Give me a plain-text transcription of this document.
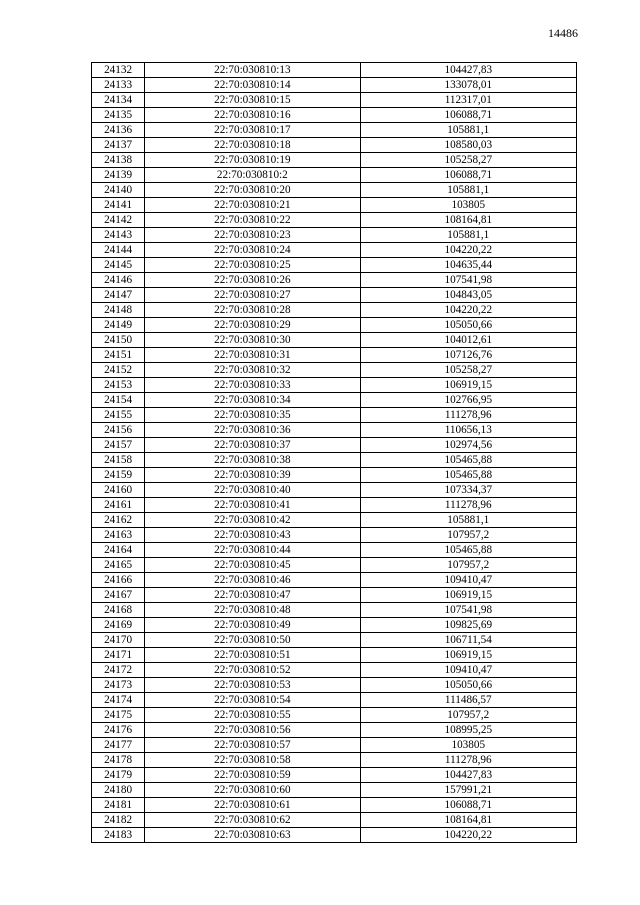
14486
24132	22:70:030810:13	104427,83
24133	22:70:030810:14	133078,01
24134	22:70:030810:15	112317,01
24135	22:70:030810:16	106088,71
24136	22:70:030810:17	105881,1
24137	22:70:030810:18	108580,03
24138	22:70:030810:19	105258,27
24139	22:70:030810:2	106088,71
24140	22:70:030810:20	105881,1
24141	22:70:030810:21	103805
24142	22:70:030810:22	108164,81
24143	22:70:030810:23	105881,1
24144	22:70:030810:24	104220,22
24145	22:70:030810:25	104635,44
24146	22:70:030810:26	107541,98
24147	22:70:030810:27	104843,05
24148	22:70:030810:28	104220,22
24149	22:70:030810:29	105050,66
24150	22:70:030810:30	104012,61
24151	22:70:030810:31	107126,76
24152	22:70:030810:32	105258,27
24153	22:70:030810:33	106919,15
24154	22:70:030810:34	102766,95
24155	22:70:030810:35	111278,96
24156	22:70:030810:36	110656,13
24157	22:70:030810:37	102974,56
24158	22:70:030810:38	105465,88
24159	22:70:030810:39	105465,88
24160	22:70:030810:40	107334,37
24161	22:70:030810:41	111278,96
24162	22:70:030810:42	105881,1
24163	22:70:030810:43	107957,2
24164	22:70:030810:44	105465,88
24165	22:70:030810:45	107957,2
24166	22:70:030810:46	109410,47
24167	22:70:030810:47	106919,15
24168	22:70:030810:48	107541,98
24169	22:70:030810:49	109825,69
24170	22:70:030810:50	106711,54
24171	22:70:030810:51	106919,15
24172	22:70:030810:52	109410,47
24173	22:70:030810:53	105050,66
24174	22:70:030810:54	111486,57
24175	22:70:030810:55	107957,2
24176	22:70:030810:56	108995,25
24177	22:70:030810:57	103805
24178	22:70:030810:58	111278,96
24179	22:70:030810:59	104427,83
24180	22:70:030810:60	157991,21
24181	22:70:030810:61	106088,71
24182	22:70:030810:62	108164,81
24183	22:70:030810:63	104220,22
